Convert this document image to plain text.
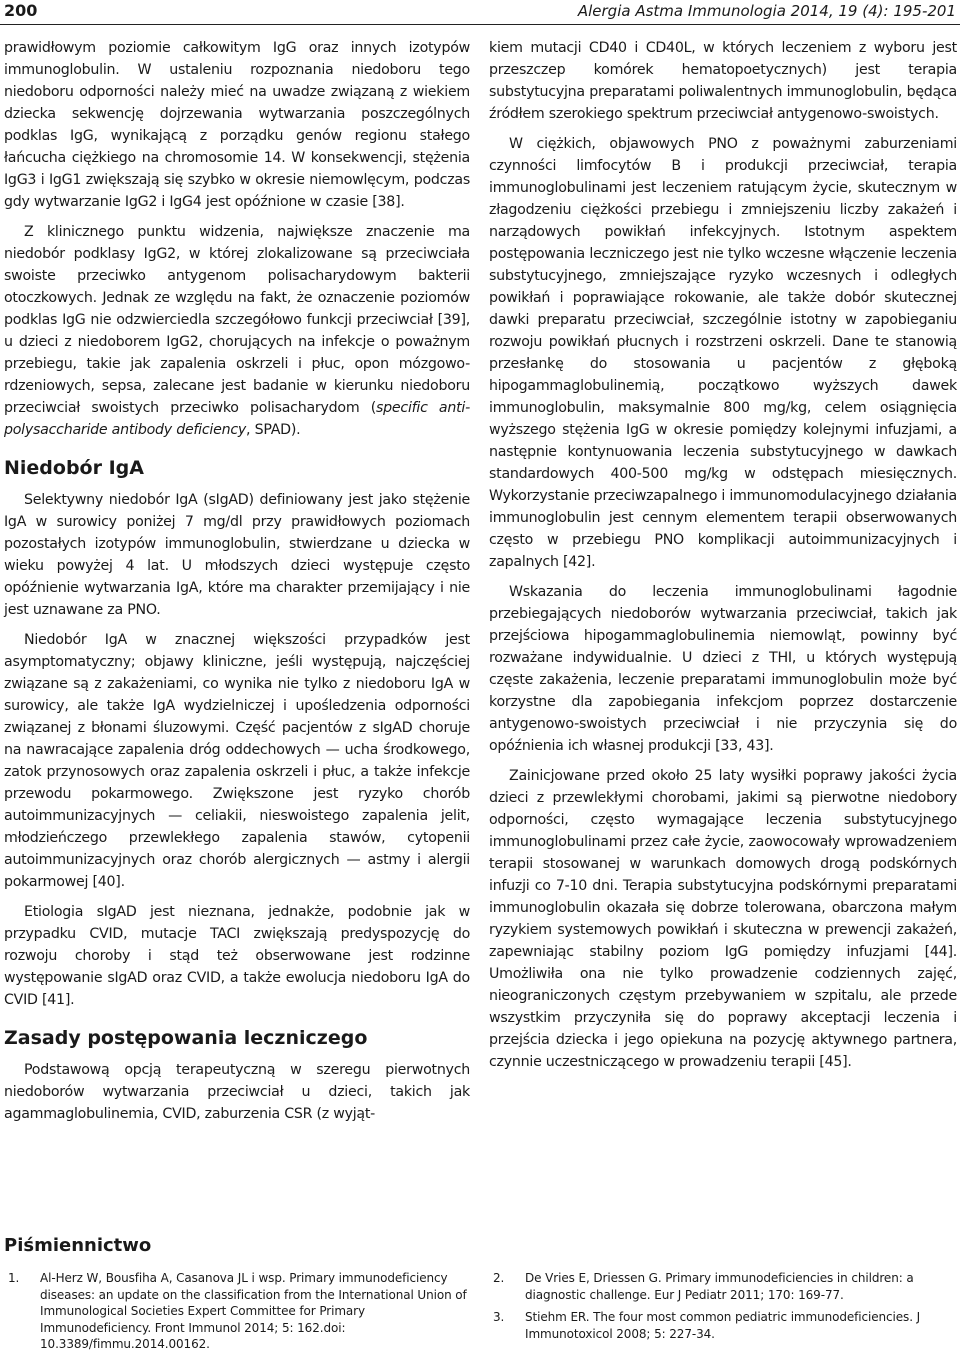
200	Alergia Astma Immunologia 2014, 19 (4): 195-201

prawidłowym poziomie całkowitym IgG oraz innych izotypów immunoglobulin. W ustaleniu rozpoznania niedoboru tego niedoboru odporności należy mieć na uwadze związaną z wiekiem dziecka sekwencję dojrzewania wytwarzania poszczególnych podklas IgG, wynikającą z porządku genów regionu stałego łańcucha ciężkiego na chromosomie 14. W konsekwencji, stężenia IgG3 i IgG1 zwiększają się szybko w okresie niemowlęcym, podczas gdy wytwarzanie IgG2 i IgG4 jest opóźnione w czasie [38].

Z klinicznego punktu widzenia, największe znaczenie ma niedobór podklasy IgG2, w której zlokalizowane są przeciwciała swoiste przeciwko antygenom polisacharydowym bakterii otoczkowych. Jednak ze względu na fakt, że oznaczenie poziomów podklas IgG nie odzwierciedla szczegółowo funkcji przeciwciał [39], u dzieci z niedoborem IgG2, chorujących na infekcje o poważnym przebiegu, takie jak zapalenia oskrzeli i płuc, opon mózgowo-rdzeniowych, sepsa, zalecane jest badanie w kierunku niedoboru przeciwciał swoistych przeciwko polisacharydom (specific anti-polysaccharide antibody deficiency, SPAD).

Niedobór IgA

Selektywny niedobór IgA (sIgAD) definiowany jest jako stężenie IgA w surowicy poniżej 7 mg/dl przy prawidłowych poziomach pozostałych izotypów immunoglobulin, stwierdzane u dziecka w wieku powyżej 4 lat. U młodszych dzieci występuje często opóźnienie wytwarzania IgA, które ma charakter przemijający i nie jest uznawane za PNO.

Niedobór IgA w znacznej większości przypadków jest asymptomatyczny; objawy kliniczne, jeśli występują, najczęściej związane są z zakażeniami, co wynika nie tylko z niedoboru IgA w surowicy, ale także IgA wydzielniczej i upośledzenia odporności związanej z błonami śluzowymi. Część pacjentów z sIgAD choruje na nawracające zapalenia dróg oddechowych — ucha środkowego, zatok przynosowych oraz zapalenia oskrzeli i płuc, a także infekcje przewodu pokarmowego. Zwiększone jest ryzyko chorób autoimmunizacyjnych — celiakii, nieswoistego zapalenia jelit, młodzieńczego przewlekłego zapalenia stawów, cytopenii autoimmunizacyjnych oraz chorób alergicznych — astmy i alergii pokarmowej [40].

Etiologia sIgAD jest nieznana, jednakże, podobnie jak w przypadku CVID, mutacje TACI zwiększają predyspozycję do rozwoju choroby i stąd też obserwowane jest rodzinne występowanie sIgAD oraz CVID, a także ewolucja niedoboru IgA do CVID [41].

Zasady postępowania leczniczego

Podstawową opcją terapeutyczną w szeregu pierwotnych niedoborów wytwarzania przeciwciał u dzieci, takich jak agammaglobulinemia, CVID, zaburzenia CSR (z wyjąt-

kiem mutacji CD40 i CD40L, w których leczeniem z wyboru jest przeszczep komórek hematopoetycznych) jest terapia substytucyjna preparatami poliwalentnych immunoglobulin, będąca źródłem szerokiego spektrum przeciwciał antygenowo-swoistych.

W ciężkich, objawowych PNO z poważnymi zaburzeniami czynności limfocytów B i produkcji przeciwciał, terapia immunoglobulinami jest leczeniem ratującym życie, skutecznym w złagodzeniu ciężkości przebiegu i zmniejszeniu liczby zakażeń i narządowych powikłań infekcyjnych. Istotnym aspektem postępowania leczniczego jest nie tylko wczesne włączenie leczenia substytucyjnego, zmniejszające ryzyko wczesnych i odległych powikłań i poprawiające rokowanie, ale także dobór skutecznej dawki preparatu przeciwciał, szczególnie istotny w zapobieganiu rozwoju powikłań płucnych i rozstrzeni oskrzeli. Dane te stanowią przesłankę do stosowania u pacjentów z głęboką hipogammaglobulinemią, początkowo wyższych dawek immunoglobulin, maksymalnie 800 mg/kg, celem osiągnięcia wyższego stężenia IgG w okresie pomiędzy kolejnymi infuzjami, a następnie kontynuowania leczenia substytucyjnego w dawkach standardowych 400-500 mg/kg w odstępach miesięcznych. Wykorzystanie przeciwzapalnego i immunomodulacyjnego działania immunoglobulin jest cennym elementem terapii obserwowanych często w przebiegu PNO komplikacji autoimmunizacyjnych i zapalnych [42].

Wskazania do leczenia immunoglobulinami łagodnie przebiegających niedoborów wytwarzania przeciwciał, takich jak przejściowa hipogammaglobulinemia niemowląt, powinny być rozważane indywidualnie. U dzieci z THI, u których występują częste zakażenia, leczenie preparatami immunoglobulin może być korzystne dla zapobiegania infekcjom poprzez dostarczenie antygenowo-swoistych przeciwciał i nie przyczynia się do opóźnienia ich własnej produkcji [33, 43].

Zainicjowane przed około 25 laty wysiłki poprawy jakości życia dzieci z przewlekłymi chorobami, jakimi są pierwotne niedobory odporności, często wymagające leczenia substytucyjnego immunoglobulinami przez całe życie, zaowocowały wprowadzeniem terapii stosowanej w warunkach domowych drogą podskórnych infuzji co 7-10 dni. Terapia substytucyjna podskórnymi preparatami immunoglobulin okazała się dobrze tolerowana, obarczona małym ryzykiem systemowych powikłań i skuteczna w prewencji zakażeń, zapewniając stabilny poziom IgG pomiędzy infuzjami [44]. Umożliwiła ona nie tylko prowadzenie codziennych zajęć, nieograniczonych częstym przebywaniem w szpitalu, ale przede wszystkim przyczyniła się do poprawy akceptacji leczenia i przejścia dziecka i jego opiekuna na pozycję aktywnego partnera, czynnie uczestniczącego w prowadzeniu terapii [45].

Piśmiennictwo
1.	Al-Herz W, Bousfiha A, Casanova JL i wsp. Primary immunodeficiency diseases: an update on the classification from the International Union of Immunological Societies Expert Committee for Primary Immunodeficiency. Front Immunol 2014; 5: 162.doi: 10.3389/fimmu.2014.00162.
2.	De Vries E, Driessen G. Primary immunodeficiencies in children: a diagnostic challenge. Eur J Pediatr 2011; 170: 169-77.
3.	Stiehm ER. The four most common pediatric immunodeficiencies. J Immunotoxicol 2008; 5: 227-34.
